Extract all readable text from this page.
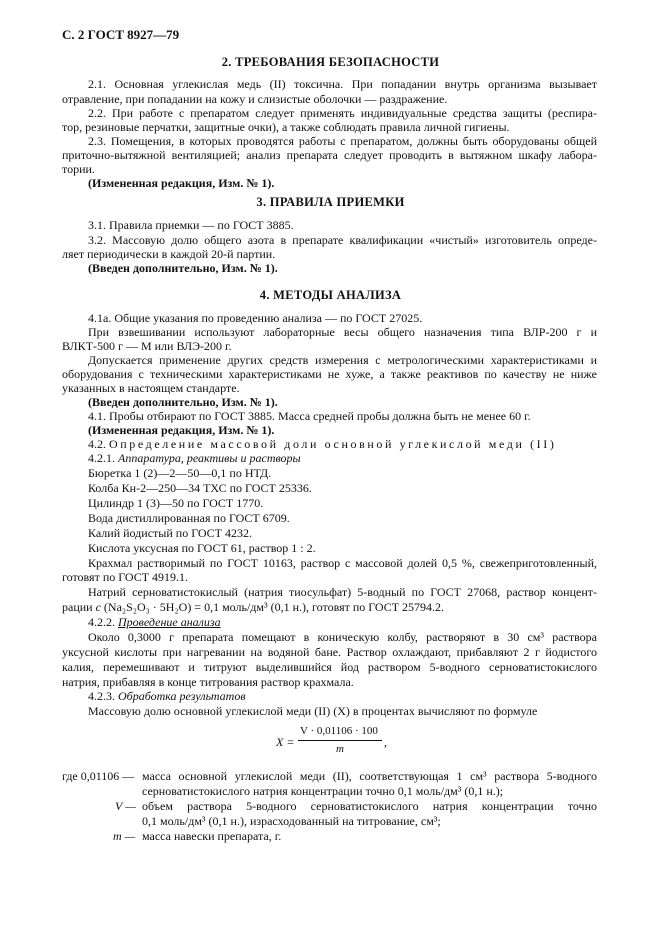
С. 2 ГОСТ 8927—79
2. ТРЕБОВАНИЯ БЕЗОПАСНОСТИ
2.1. Основная углекислая медь (II) токсична. При попадании внутрь организма вызывает
отравление, при попадании на кожу и слизистые оболочки — раздражение.
2.2. При работе с препаратом следует применять индивидуальные средства защиты (респира-
тор, резиновые перчатки, защитные очки), а также соблюдать правила личной гигиены.
2.3. Помещения, в которых проводятся работы с препаратом, должны быть оборудованы общей
приточно-вытяжной вентиляцией; анализ препарата следует проводить в вытяжном шкафу лабора-
тории.
(Измененная редакция, Изм. № 1).
3. ПРАВИЛА ПРИЕМКИ
3.1. Правила приемки — по ГОСТ 3885.
3.2. Массовую долю общего азота в препарате квалификации «чистый» изготовитель опреде-
ляет периодически в каждой 20-й партии.
(Введен дополнительно, Изм. № 1).
4. МЕТОДЫ АНАЛИЗА
4.1а. Общие указания по проведению анализа — по ГОСТ 27025.
При взвешивании используют лабораторные весы общего назначения типа ВЛР-200 г и
ВЛКТ-500 г — М или ВЛЭ-200 г.
Допускается применение других средств измерения с метрологическими характеристиками и
оборудования с техническими характеристиками не хуже, а также реактивов по качеству не ниже
указанных в настоящем стандарте.
(Введен дополнительно, Изм. № 1).
4.1. Пробы отбирают по ГОСТ 3885. Масса средней пробы должна быть не менее 60 г.
(Измененная редакция, Изм. № 1).
4.2. Определение массовой доли основной углекислой меди (II)
4.2.1. Аппаратура, реактивы и растворы
Бюретка 1 (2)—2—50—0,1 по НТД.
Колба Кн-2—250—34 ТХС по ГОСТ 25336.
Цилиндр 1 (3)—50 по ГОСТ 1770.
Вода дистиллированная по ГОСТ 6709.
Калий йодистый по ГОСТ 4232.
Кислота уксусная по ГОСТ 61, раствор 1 : 2.
Крахмал растворимый по ГОСТ 10163, раствор с массовой долей 0,5 %, свежеприготовленный,
готовят по ГОСТ 4919.1.
Натрий серноватистокислый (натрия тиосульфат) 5-водный по ГОСТ 27068, раствор концент-
рации c (Na₂S₂O₃ · 5H₂O) = 0,1 моль/дм³ (0,1 н.), готовят по ГОСТ 25794.2.
4.2.2. Проведение анализа
Около 0,3000 г препарата помещают в коническую колбу, растворяют в 30 см³ раствора
уксусной кислоты при нагревании на водяной бане. Раствор охлаждают, прибавляют 2 г йодистого
калия, перемешивают и титруют выделившийся йод раствором 5-водного серноватистокислого
натрия, прибавляя в конце титрования раствор крахмала.
4.2.3. Обработка результатов
Массовую долю основной углекислой меди (II) (X) в процентах вычисляют по формуле
X =
V · 0,01106 · 100
m	,
где 0,01106 — масса основной углекислой меди (II), соответствующая 1 см³ раствора 5-водного
серноватистокислого натрия концентрации точно 0,1 моль/дм³ (0,1 н.);
V — объем раствора 5-водного серноватистокислого натрия концентрации точно
0,1 моль/дм³ (0,1 н.), израсходованный на титрование, см³;
m — масса навески препарата, г.
